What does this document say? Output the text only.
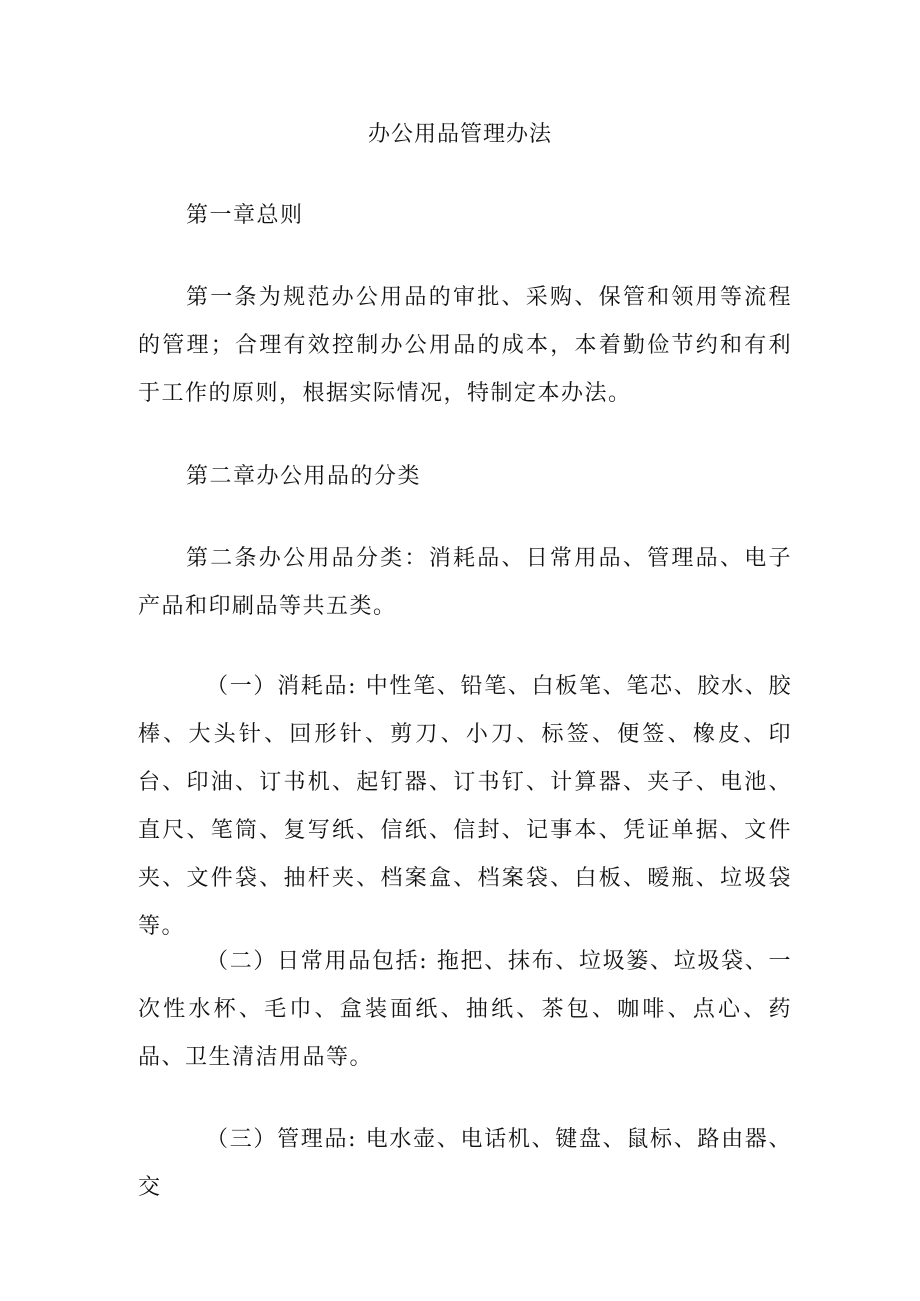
办公用品管理办法
第一章总则

第一条为规范办公用品的审批、采购、保管和领用等流程的管理；合理有效控制办公用品的成本，本着勤俭节约和有利于工作的原则，根据实际情况，特制定本办法。

第二章办公用品的分类

第二条办公用品分类：消耗品、日常用品、管理品、电子产品和印刷品等共五类。

（一）消耗品: 中性笔、铅笔、白板笔、笔芯、胶水、胶棒、大头针、回形针、剪刀、小刀、标签、便签、橡皮、印台、印油、订书机、起钉器、订书钉、计算器、夹子、电池、直尺、笔筒、复写纸、信纸、信封、记事本、凭证单据、文件夹、文件袋、抽杆夹、档案盒、档案袋、白板、暧瓶、垃圾袋等。

（二）日常用品包括: 拖把、抹布、垃圾篓、垃圾袋、一次性水杯、毛巾、盒装面纸、抽纸、茶包、咖啡、点心、药品、卫生清洁用品等。

（三）管理品: 电水壶、电话机、键盘、鼠标、路由器、交
